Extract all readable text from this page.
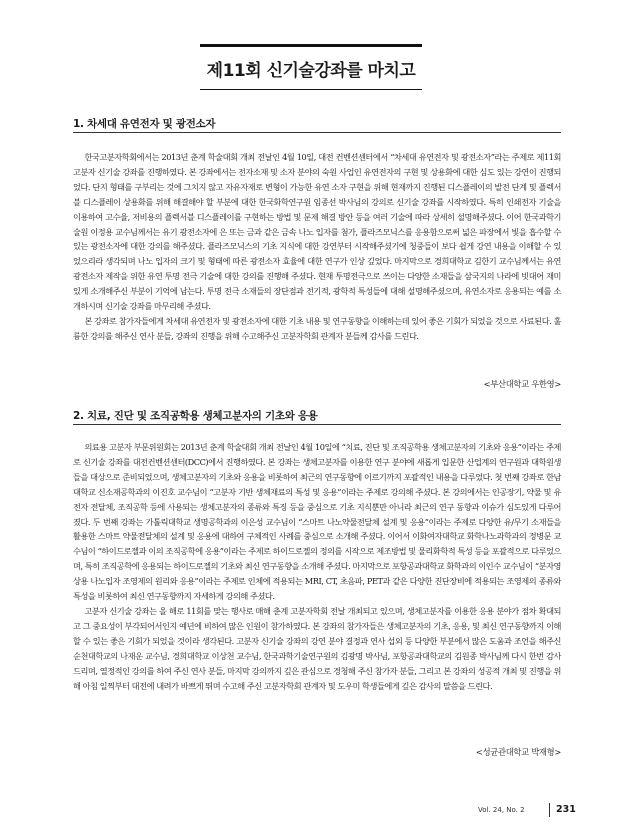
제11회 신기술강좌를 마치고
1. 차세대 유연전자 및 광전소자

한국고분자학회에서는 2013년 춘계 학술대회 개최 전날인 4월 10일, 대전 컨벤션센터에서 “차세대 유연전자 및 광전소자”라는 주제로 제11회 고분자 신기술 강좌를 진행하였다. 본 강좌에서는 전자소재 및 소자 분야의 숙원 사업인 유연전자의 구현 및 상용화에 대한 심도 있는 강연이 진행되었다. 단지 형태를 구부리는 것에 그치지 않고 자유자재로 변형이 가능한 유연 소자 구현을 위해 현재까지 진행된 디스플레이의 발전 단계 및 플렉서블 디스플레이 상용화를 위해 해결해야 할 부분에 대한 한국화학연구원 임종선 박사님의 강의로 신기술 강좌를 시작하였다. 특히 인쇄전자 기술을 이용하여 고수율, 저비용의 플렉서블 디스플레이를 구현하는 방법 및 문제 해결 방안 등을 여러 기술에 따라 상세히 설명해주셨다. 이어 한국과학기술원 이정용 교수님께서는 유기 광전소자에 은 또는 금과 같은 금속 나노 입자를 첨가, 플라즈모닉스를 응용함으로써 넓은 파장에서 빛을 흡수할 수 있는 광전소자에 대한 강의를 해주셨다. 플라즈모닉스의 기초 지식에 대한 강연부터 시작해주셨기에 청중들이 보다 쉽게 강연 내용을 이해할 수 있었으리라 생각되며 나노 입자의 크기 및 형태에 따른 광전소자 효율에 대한 연구가 인상 깊었다. 마지막으로 경희대학교 김한기 교수님께서는 유연 광전소자 제작을 위한 유연 투명 전극 기술에 대한 강의를 진행해 주셨다. 현재 투명전극으로 쓰이는 다양한 소재들을 삼국지의 나라에 빗대어 재미있게 소개해주신 부분이 기억에 남는다. 투명 전극 소재들의 장단점과 전기적, 광학적 특성들에 대해 설명해주셨으며, 유연소자로 응용되는 예를 소개하시며 신기술 강좌를 마무리해 주셨다.

본 강좌로 참가자들에게 차세대 유연전자 및 광전소자에 대한 기초 내용 및 연구동향을 이해하는데 있어 좋은 기회가 되었을 것으로 사료된다. 훌륭한 강의를 해주신 연사 분들, 강좌의 진행을 위해 수고해주신 고분자학회 관계자 분들께 감사를 드린다.

<부산대학교 우한영>
2. 치료, 진단 및 조직공학용 생체고분자의 기초와 응용

의료용 고분자 부문위원회는 2013년 춘계 학술대회 개최 전날인 4월 10일에 “치료, 진단 및 조직공학용 생체고분자의 기초와 응용”이라는 주제로 신기술 강좌를 대전컨벤션센터(DCC)에서 진행하였다. 본 강좌는 생체고분자를 이용한 연구 분야에 새롭게 입문한 산업계의 연구원과 대학원생들을 대상으로 준비되었으며, 생체고분자의 기초와 응용을 비롯하여 최근의 연구동향에 이르기까지 포괄적인 내용을 다루었다. 첫 번째 강좌로 한남대학교 신소재공학과의 이진호 교수님이 “고분자 기반 생체재료의 특성 및 응용”이라는 주제로 강의해 주셨다. 본 강의에서는 인공장기, 약물 및 유전자 전달체, 조직공학 등에 사용되는 생체고분자의 종류와 특징 등을 중심으로 기초 지식뿐만 아니라 최근의 연구 동향과 이슈가 심도있게 다루어졌다. 두 번째 강좌는 가톨릭대학교 생명공학과의 이은성 교수님이 “스마트 나노약물전달체 설계 및 응용”이라는 주제로 다양한 유/무기 소재들을 활용한 스마트 약물전달체의 설계 및 응용에 대하여 구체적인 사례를 중심으로 소개해 주셨다. 이어서 이화여자대학교 화학나노과학과의 정병문 교수님이 “하이드로젤과 이의 조직공학에 응용”이라는 주제로 하이드로젤의 정의를 시작으로 제조방법 및 물리화학적 특성 등을 포괄적으로 다루었으며, 특히 조직공학에 응용되는 하이드로젤의 기초와 최신 연구동향을 소개해 주셨다. 마지막으로 포항공과대학교 화학과의 이인수 교수님이 “분자영상용 나노입자 조영제의 원리와 응용”이라는 주제로 인체에 적용되는 MRI, CT, 초음파, PET과 같은 다양한 진단장비에 적용되는 조영제의 종류와 특성을 비롯하여 최신 연구동향까지 자세하게 강의해 주셨다.

고분자 신기술 강좌는 올 해로 11회를 맞는 행사로 매해 춘계 고분자학회 전날 개최되고 있으며, 생체고분자를 이용한 응용 분야가 점차 확대되고 그 중요성이 부각되어서인지 예년에 비하여 많은 인원이 참가하였다. 본 강좌의 참가자들은 생체고분자의 기초, 응용, 및 최신 연구동향까지 이해할 수 있는 좋은 기회가 되었을 것이라 생각된다. 고분자 신기술 강좌의 강연 분야 결정과 연사 섭외 등 다양한 부분에서 많은 도움과 조언을 해주신 순천대학교의 나재운 교수님, 경희대학교 이상천 교수님, 한국과학기술연구원의 김광명 박사님, 포항공과대학교의 김원종 박사님께 다시 한번 감사드리며, 열정적인 강의를 하여 주신 연사 분들, 마지막 강의까지 깊은 관심으로 경청해 주신 참가자 분들, 그리고 본 강좌의 성공적 개최 및 진행을 위해 아침 일찍부터 대전에 내려가 바쁘게 뛰며 수고해 주신 고분자학회 관계자 및 도우미 학생들에게 깊은 감사의 말씀을 드린다.

<성균관대학교 박재형>
Vol. 24, No. 2	231
